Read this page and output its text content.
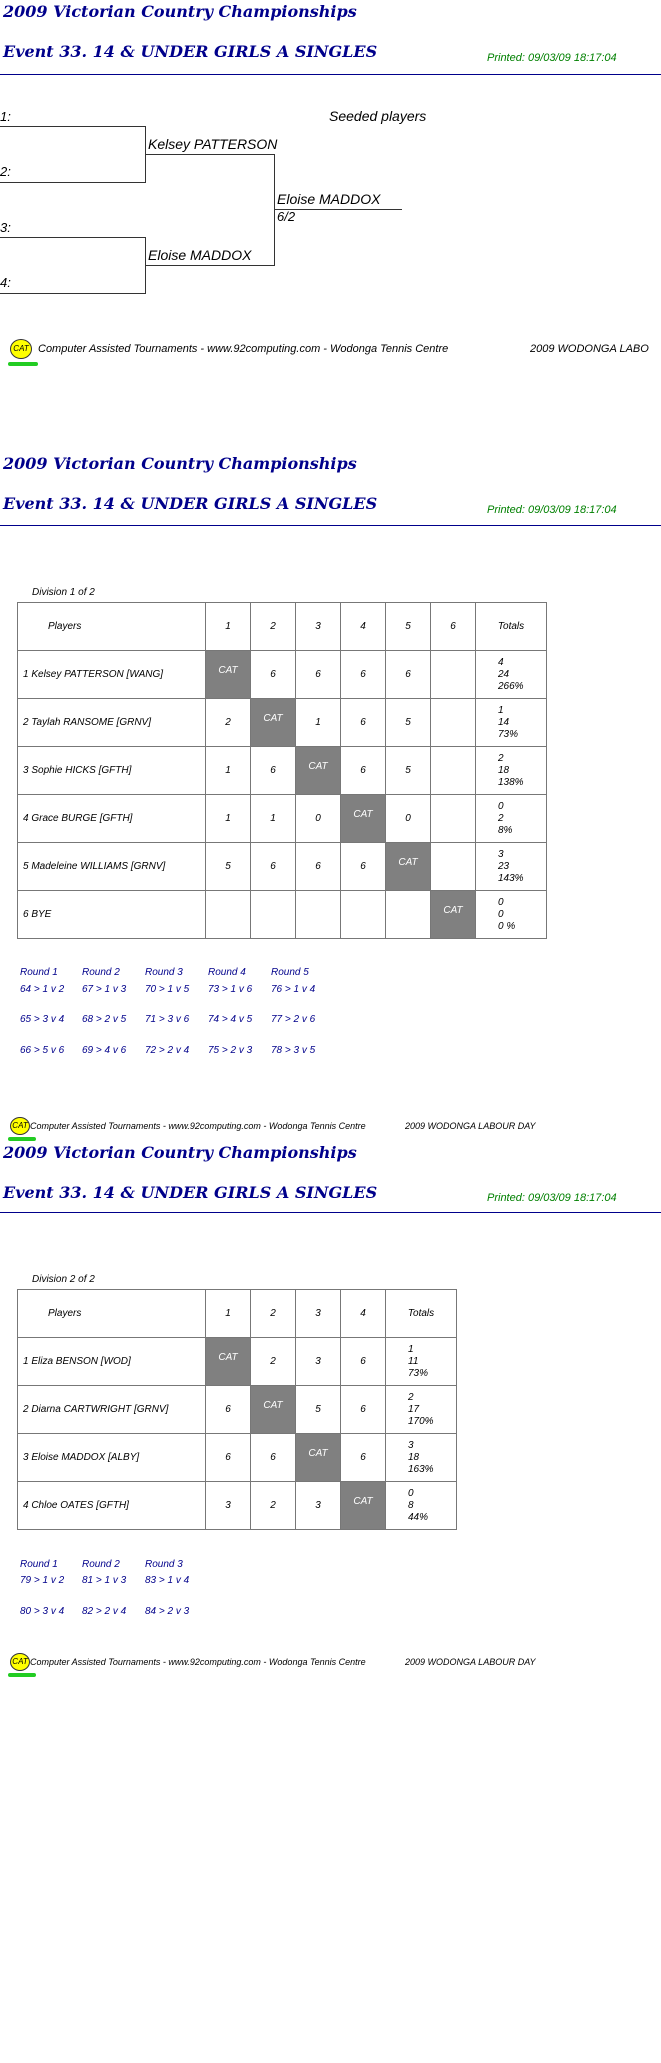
2009 Victorian Country Championships
Event 33. 14 & UNDER GIRLS A SINGLES	Printed: 09/03/09 18:17:04
Seeded players
1:
2:
3:
4:
Kelsey PATTERSON
Eloise MADDOX
Eloise MADDOX
6/2
CAT Computer Assisted Tournaments - www.92computing.com - Wodonga Tennis Centre	2009 WODONGA LABO
2009 Victorian Country Championships
Event 33. 14 & UNDER GIRLS A SINGLES	Printed: 09/03/09 18:17:04
Division 1 of 2
Players	1	2	3	4	5	6	Totals
1 Kelsey PATTERSON [WANG]	CAT	6	6	6	6		4
24
266%

2 Taylah RANSOME [GRNV]	2	CAT	1	6	5		1
14
73%

3 Sophie HICKS [GFTH]	1	6	CAT	6	5		2
18
138%

4 Grace BURGE [GFTH]	1	1	0	CAT	0		0
2
8%

5 Madeleine WILLIAMS [GRNV]	5	6	6	6	CAT		3
23
143%

6 BYE						CAT	0
0
0 %
Round 1
64 > 1 v 2
65 > 3 v 4
66 > 5 v 6
Round 2
67 > 1 v 3
68 > 2 v 5
69 > 4 v 6
Round 3
70 > 1 v 5
71 > 3 v 6
72 > 2 v 4
Round 4
73 > 1 v 6
74 > 4 v 5
75 > 2 v 3
Round 5
76 > 1 v 4
77 > 2 v 6
78 > 3 v 5
CAT Computer Assisted Tournaments - www.92computing.com - Wodonga Tennis Centre	2009 WODONGA LABOUR DAY
2009 Victorian Country Championships
Event 33. 14 & UNDER GIRLS A SINGLES	Printed: 09/03/09 18:17:04
Division 2 of 2
Players	1	2	3	4	Totals
1 Eliza BENSON [WOD]	CAT	2	3	6	1
11
73%

2 Diarna CARTWRIGHT [GRNV]	6	CAT	5	6	2
17
170%

3 Eloise MADDOX [ALBY]	6	6	CAT	6	3
18
163%

4 Chloe OATES [GFTH]	3	2	3	CAT	0
8
44%
Round 1
79 > 1 v 2
80 > 3 v 4
Round 2
81 > 1 v 3
82 > 2 v 4
Round 3
83 > 1 v 4
84 > 2 v 3
CAT Computer Assisted Tournaments - www.92computing.com - Wodonga Tennis Centre	2009 WODONGA LABOUR DAY
